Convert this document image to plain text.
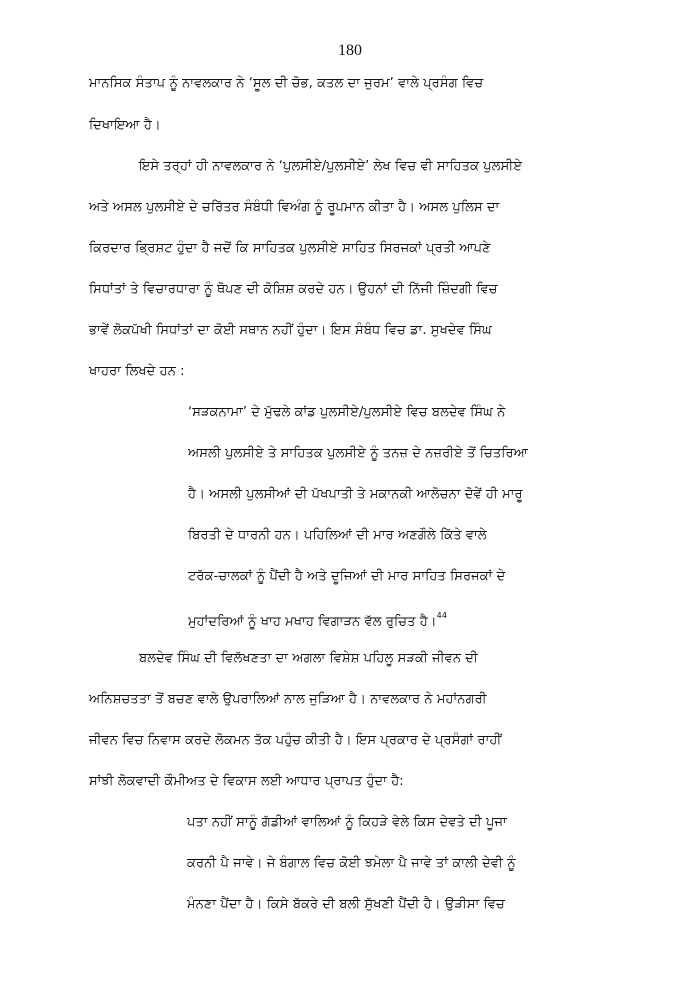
180
ਮਾਨਸਿਕ ਸੰਤਾਪ ਨੂੰ ਨਾਵਲਕਾਰ ਨੇ ‘ਸੂਲ ਦੀ ਚੋਭ, ਕਤਲ ਦਾ ਜੁਰਮ’ ਵਾਲੇ ਪ੍ਰਸੰਗ ਵਿਚ
ਦਿਖਾਇਆ ਹੈ।
ਇਸੇ ਤਰ੍ਹਾਂ ਹੀ ਨਾਵਲਕਾਰ ਨੇ ‘ਪੁਲਸੀਏ/ਪੁਲਸੀਏ’ ਲੇਖ ਵਿਚ ਵੀ ਸਾਹਿਤਕ ਪੁਲਸੀਏ
ਅਤੇ ਅਸਲ ਪੁਲਸੀਏ ਦੇ ਚਰਿੱਤਰ ਸੰਬੰਧੀ ਵਿਅੰਗ ਨੂੰ ਰੂਪਮਾਨ ਕੀਤਾ ਹੈ। ਅਸਲ ਪੁਲਿਸ ਦਾ
ਕਿਰਦਾਰ ਭ੍ਰਿਸ਼ਟ ਹੁੰਦਾ ਹੈ ਜਦੋਂ ਕਿ ਸਾਹਿਤਕ ਪੁਲਸੀਏ ਸਾਹਿਤ ਸਿਰਜਕਾਂ ਪ੍ਰਤੀ ਆਪਣੇ
ਸਿਧਾਂਤਾਂ ਤੇ ਵਿਚਾਰਧਾਰਾ ਨੂੰ ਥੋਪਣ ਦੀ ਕੋਸ਼ਿਸ਼ ਕਰਦੇ ਹਨ। ਉਹਨਾਂ ਦੀ ਨਿੱਜੀ ਜ਼ਿੰਦਗੀ ਵਿਚ
ਭਾਵੇਂ ਲੋਕਪੱਖੀ ਸਿਧਾਂਤਾਂ ਦਾ ਕੋਈ ਸਥਾਨ ਨਹੀਂ ਹੁੰਦਾ। ਇਸ ਸੰਬੰਧ ਵਿਚ ਡਾ. ਸੁਖਦੇਵ ਸਿੰਘ
ਖਾਹਰਾ ਲਿਖਦੇ ਹਨ :
‘ਸੜਕਨਾਮਾ’ ਦੇ ਮੁੱਢਲੇ ਕਾਂਡ ਪੁਲਸੀਏ/ਪੁਲਸੀਏ ਵਿਚ ਬਲਦੇਵ ਸਿੰਘ ਨੇ
ਅਸਲੀ ਪੁਲਸੀਏ ਤੇ ਸਾਹਿਤਕ ਪੁਲਸੀਏ ਨੂੰ ਤਨਜ਼ ਦੇ ਨਜ਼ਰੀਏ ਤੋਂ ਚਿਤਰਿਆ
ਹੈ। ਅਸਲੀ ਪੁਲਸੀਆਂ ਦੀ ਪੱਖਪਾਤੀ ਤੇ ਮਕਾਨਕੀ ਆਲੋਚਨਾ ਦੋਵੇਂ ਹੀ ਮਾਰੂ
ਬਿਰਤੀ ਦੇ ਧਾਰਨੀ ਹਨ। ਪਹਿਲਿਆਂ ਦੀ ਮਾਰ ਅਣਗੌਲੇ ਕਿੱਤੇ ਵਾਲੇ
ਟਰੱਕ-ਚਾਲਕਾਂ ਨੂੰ ਪੈਂਦੀ ਹੈ ਅਤੇ ਦੂਜਿਆਂ ਦੀ ਮਾਰ ਸਾਹਿਤ ਸਿਰਜਕਾਂ ਦੇ
ਮੁਹਾਂਦਰਿਆਂ ਨੂੰ ਖਾਹ ਮਖਾਹ ਵਿਗਾੜਨ ਵੱਲ ਰੁਚਿਤ ਹੈ।$^{44}$
ਬਲਦੇਵ ਸਿੰਘ ਦੀ ਵਿਲੱਖਣਤਾ ਦਾ ਅਗਲਾ ਵਿਸ਼ੇਸ਼ ਪਹਿਲੂ ਸੜਕੀ ਜੀਵਨ ਦੀ
ਅਨਿਸ਼ਚਤਤਾ ਤੋਂ ਬਚਣ ਵਾਲੇ ਉਪਰਾਲਿਆਂ ਨਾਲ ਜੁੜਿਆ ਹੈ। ਨਾਵਲਕਾਰ ਨੇ ਮਹਾਂਨਗਰੀ
ਜੀਵਨ ਵਿਚ ਨਿਵਾਸ ਕਰਦੇ ਲੋਕਮਨ ਤੱਕ ਪਹੁੰਚ ਕੀਤੀ ਹੈ। ਇਸ ਪ੍ਰਕਾਰ ਦੇ ਪ੍ਰਸੰਗਾਂ ਰਾਹੀਂ
ਸਾਂਝੀ ਲੋਕਵਾਦੀ ਕੌਮੀਅਤ ਦੇ ਵਿਕਾਸ ਲਈ ਆਧਾਰ ਪ੍ਰਾਪਤ ਹੁੰਦਾ ਹੈ:
ਪਤਾ ਨਹੀਂ ਸਾਨੂੰ ਗੱਡੀਆਂ ਵਾਲਿਆਂ ਨੂੰ ਕਿਹੜੇ ਵੇਲੇ ਕਿਸ ਦੇਵਤੇ ਦੀ ਪੂਜਾ
ਕਰਨੀ ਪੈ ਜਾਵੇ। ਜੇ ਬੰਗਾਲ ਵਿਚ ਕੋਈ ਝਮੇਲਾ ਪੈ ਜਾਵੇ ਤਾਂ ਕਾਲੀ ਦੇਵੀ ਨੂੰ
ਮੰਨਣਾ ਪੈਂਦਾ ਹੈ। ਕਿਸੇ ਬੱਕਰੇ ਦੀ ਬਲੀ ਸੁੱਖਣੀ ਪੈਂਦੀ ਹੈ। ਉੜੀਸਾ ਵਿਚ
